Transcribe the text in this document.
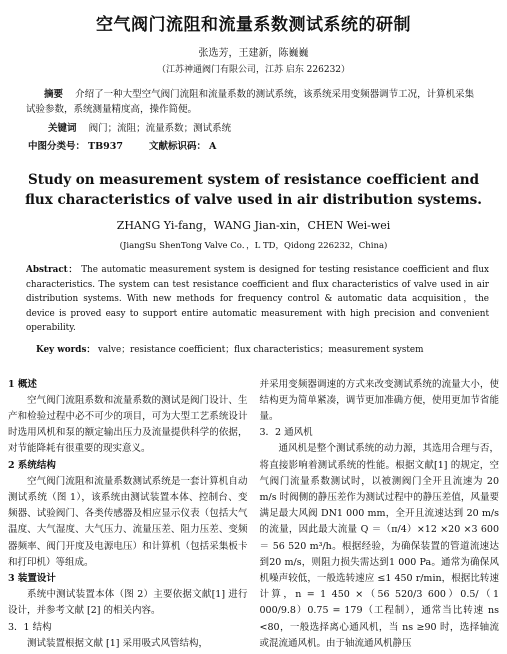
空气阀门流阻和流量系数测试系统的研制
张选芳，王建新，陈巍巍
（江苏神通阀门有限公司，江苏 启东 226232）
摘要 介绍了一种大型空气阀门流阻和流量系数的测试系统，该系统采用变频器调节工况，计算机采集试验参数，系统测量精度高，操作简便。
关键词 阀门；流阻；流量系数；测试系统
中图分类号： TB937	文献标识码： A
Study on measurement system of resistance coefficient and
flux characteristics of valve used in air distribution systems.
ZHANG Yi-fang，WANG Jian-xin，CHEN Wei-wei
(JiangSu ShenTong Valve Co．，L TD，Qidong 226232，China)
Abstract： The automatic measurement system is designed for testing resistance coefficient and flux characteristics. The system can test resistance coefficient and flux characteristics of valve used in air distribution systems. With new methods for frequency control & automatic data acquisition，the device is proved easy to support entire automatic measurement with high precision and convenient operability.
Key words： valve；resistance coefficient；flux characteristics；measurement system
1 概述

空气阀门流阻系数和流量系数的测试是阀门设计、生产和检验过程中必不可少的项目，可为大型工艺系统设计时选用风机和泵的额定输出压力及流量提供科学的依据，对节能降耗有很重要的现实意义。

2 系统结构

空气阀门流阻和流量系数测试系统是一套计算机自动测试系统（图 1），该系统由测试装置本体、控制台、变频器、试验阀门、各类传感器及相应显示仪表（包括大气温度、大气湿度、大气压力、流量压差、阻力压差、变频器频率、阀门开度及电源电压）和计算机（包括采集板卡和打印机）等组成。

3 装置设计

系统中测试装置本体（图 2）主要依据文献[1] 进行设计，并参考文献 [2] 的相关内容。

3．1 结构

测试装置根据文献 [1] 采用吸式风管结构，

并采用变频器调速的方式来改变测试系统的流量大小，使结构更为简单紧凑，调节更加准确方便，使用更加节省能量。

3．2 通风机

通风机是整个测试系统的动力源，其选用合理与否，将直接影响着测试系统的性能。根据文献[1] 的规定，空气阀门流量系数测试时，以被测阀门全开且流速为 20 m/s 时阀侧的静压差作为测试过程中的静压差值，风量要满足最大风阀 DN1 000 mm，全开且流速达到 20 m/s 的流量，因此最大流量 Q ＝（π/4）×12 ×20 ×3 600 ＝ 56 520 m³/h。根据经验，为确保装置的管道流速达到20 m/s，则阻力损失需达到1 000 Pa。通常为确保风机噪声较低，一般选转速应 ≤1 450 r/min，根据比转速计算，n = 1 450 ×（56 520/3 600）0.5/（1 000/9.8）0.75 = 179（工程制），通常当比转速 ns <80，一般选择离心通风机，当 ns ≥90 时，选择轴流或混流通风机。由于轴流通风机静压
